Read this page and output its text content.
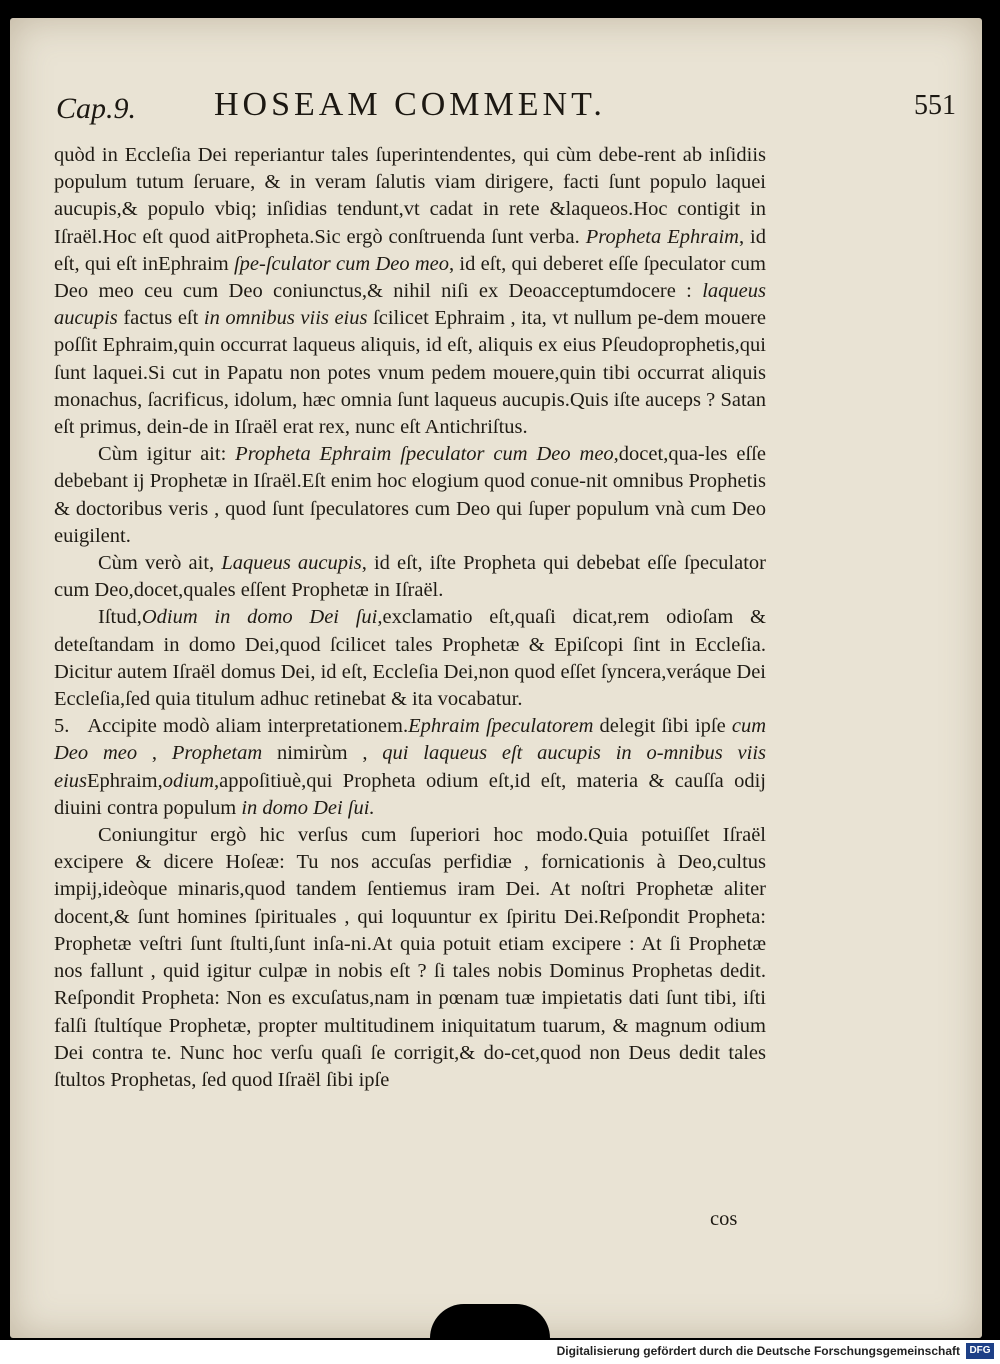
Cap.9. HOSEAM COMMENT.	551

quòd in Eccleſia Dei reperiantur tales ſuperintendentes, qui cùm debe-rent ab inſidiis populum tutum ſeruare, & in veram ſalutis viam dirigere, facti ſunt populo laquei aucupis,& populo vbiq; inſidias tendunt,vt cadat in rete &laqueos.Hoc contigit in Iſraël.Hoc eſt quod aitPropheta.Sic ergò conſtruenda ſunt verba. Propheta Ephraim, id eſt, qui eſt inEphraim ſpe-ſculator cum Deo meo, id eſt, qui deberet eſſe ſpeculator cum Deo meo ceu cum Deo coniunctus,& nihil niſi ex Deoacceptumdocere : laqueus aucupis factus eſt in omnibus viis eius ſcilicet Ephraim , ita, vt nullum pe-dem mouere poſſit Ephraim,quin occurrat laqueus aliquis, id eſt, aliquis ex eius Pſeudoprophetis,qui ſunt laquei.Si cut in Papatu non potes vnum pedem mouere,quin tibi occurrat aliquis monachus, ſacrificus, idolum, hæc omnia ſunt laqueus aucupis.Quis iſte auceps ? Satan eſt primus, dein-de in Iſraël erat rex, nunc eſt Antichriſtus.

Cùm igitur ait: Propheta Ephraim ſpeculator cum Deo meo,docet,qua-les eſſe debebant ij Prophetæ in Iſraël.Eſt enim hoc elogium quod conue-nit omnibus Prophetis & doctoribus veris , quod ſunt ſpeculatores cum Deo qui ſuper populum vnà cum Deo euigilent.

Cùm verò ait, Laqueus aucupis, id eſt, iſte Propheta qui debebat eſſe ſpeculator cum Deo,docet,quales eſſent Prophetæ in Iſraël.

Iſtud,Odium in domo Dei ſui,exclamatio eſt,quaſi dicat,rem odioſam & deteſtandam in domo Dei,quod ſcilicet tales Prophetæ & Epiſcopi ſint in Eccleſia. Dicitur autem Iſraël domus Dei, id eſt, Eccleſia Dei,non quod eſſet ſyncera,veráque Dei Eccleſia,ſed quia titulum adhuc retinebat & ita vocabatur.

5. Accipite modò aliam interpretationem.Ephraim ſpeculatorem delegit ſibi ipſe cum Deo meo , Prophetam nimirùm , qui laqueus eſt aucupis in o-mnibus viis eiusEphraim,odium,appoſitiuè,qui Propheta odium eſt,id eſt, materia & cauſſa odij diuini contra populum in domo Dei ſui.

Coniungitur ergò hic verſus cum ſuperiori hoc modo.Quia potuiſſet Iſraël excipere & dicere Hoſeæ: Tu nos accuſas perfidiæ , fornicationis à Deo,cultus impij,ideòque minaris,quod tandem ſentiemus iram Dei. At noſtri Prophetæ aliter docent,& ſunt homines ſpirituales , qui loquuntur ex ſpiritu Dei.Reſpondit Propheta: Prophetæ veſtri ſunt ſtulti,ſunt inſa-ni.At quia potuit etiam excipere : At ſi Prophetæ nos fallunt , quid igitur culpæ in nobis eſt ? ſi tales nobis Dominus Prophetas dedit. Reſpondit Propheta: Non es excuſatus,nam in pœnam tuæ impietatis dati ſunt tibi, iſti falſi ſtultíque Prophetæ, propter multitudinem iniquitatum tuarum, & magnum odium Dei contra te. Nunc hoc verſu quaſi ſe corrigit,& do-cet,quod non Deus dedit tales ſtultos Prophetas, ſed quod Iſraël ſibi ipſe

cos
Digitalisierung gefördert durch die Deutsche Forschungsgemeinschaft DFG
